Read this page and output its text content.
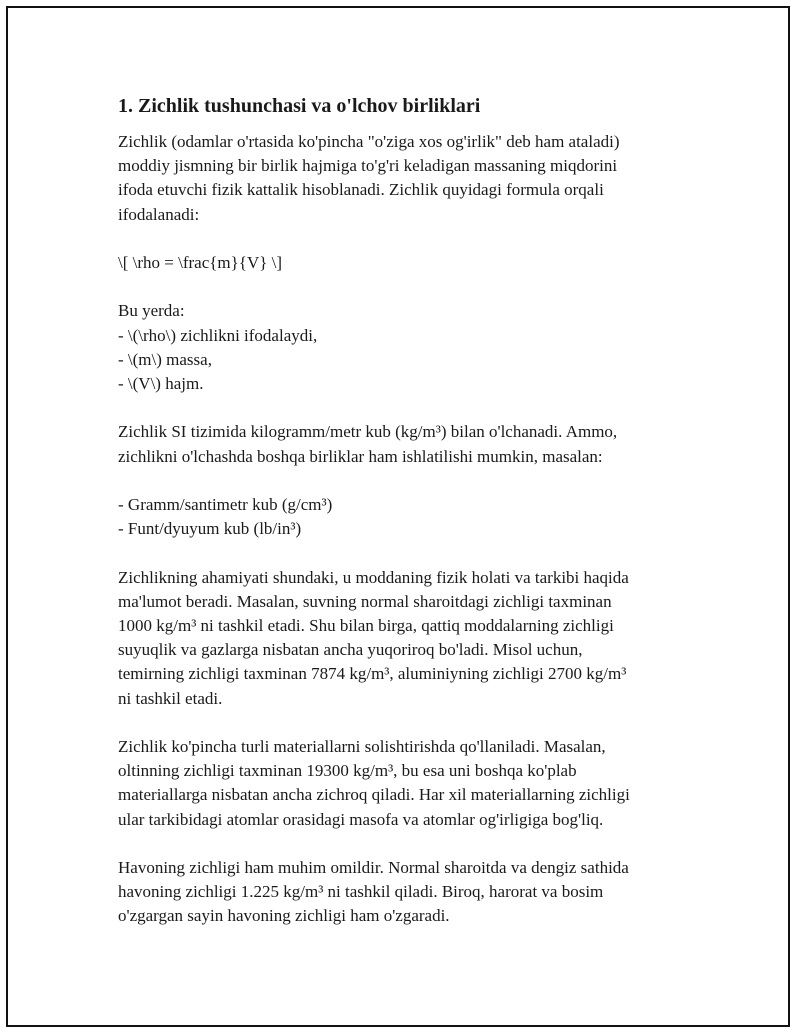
1. Zichlik tushunchasi va o'lchov birliklari
Zichlik (odamlar o'rtasida ko'pincha "o'ziga xos og'irlik" deb ham ataladi)
moddiy jismning bir birlik hajmiga to'g'ri keladigan massaning miqdorini
ifoda etuvchi fizik kattalik hisoblanadi. Zichlik quyidagi formula orqali
ifodalanadi:
\[ \rho = \frac{m}{V} \]
Bu yerda:
- \(\rho\) zichlikni ifodalaydi,
- \(m\) massa,
- \(V\) hajm.
Zichlik SI tizimida kilogramm/metr kub (kg/m³) bilan o'lchanadi. Ammo,
zichlikni o'lchashda boshqa birliklar ham ishlatilishi mumkin, masalan:
- Gramm/santimetr kub (g/cm³)
- Funt/dyuyum kub (lb/in³)
Zichlikning ahamiyati shundaki, u moddaning fizik holati va tarkibi haqida
ma'lumot beradi. Masalan, suvning normal sharoitdagi zichligi taxminan
1000 kg/m³ ni tashkil etadi. Shu bilan birga, qattiq moddalarning zichligi
suyuqlik va gazlarga nisbatan ancha yuqoriroq bo'ladi. Misol uchun,
temirning zichligi taxminan 7874 kg/m³, aluminiyning zichligi 2700 kg/m³
ni tashkil etadi.
Zichlik ko'pincha turli materiallarni solishtirishda qo'llaniladi. Masalan,
oltinning zichligi taxminan 19300 kg/m³, bu esa uni boshqa ko'plab
materiallarga nisbatan ancha zichroq qiladi. Har xil materiallarning zichligi
ular tarkibidagi atomlar orasidagi masofa va atomlar og'irligiga bog'liq.
Havoning zichligi ham muhim omildir. Normal sharoitda va dengiz sathida
havoning zichligi 1.225 kg/m³ ni tashkil qiladi. Biroq, harorat va bosim
o'zgargan sayin havoning zichligi ham o'zgaradi.
